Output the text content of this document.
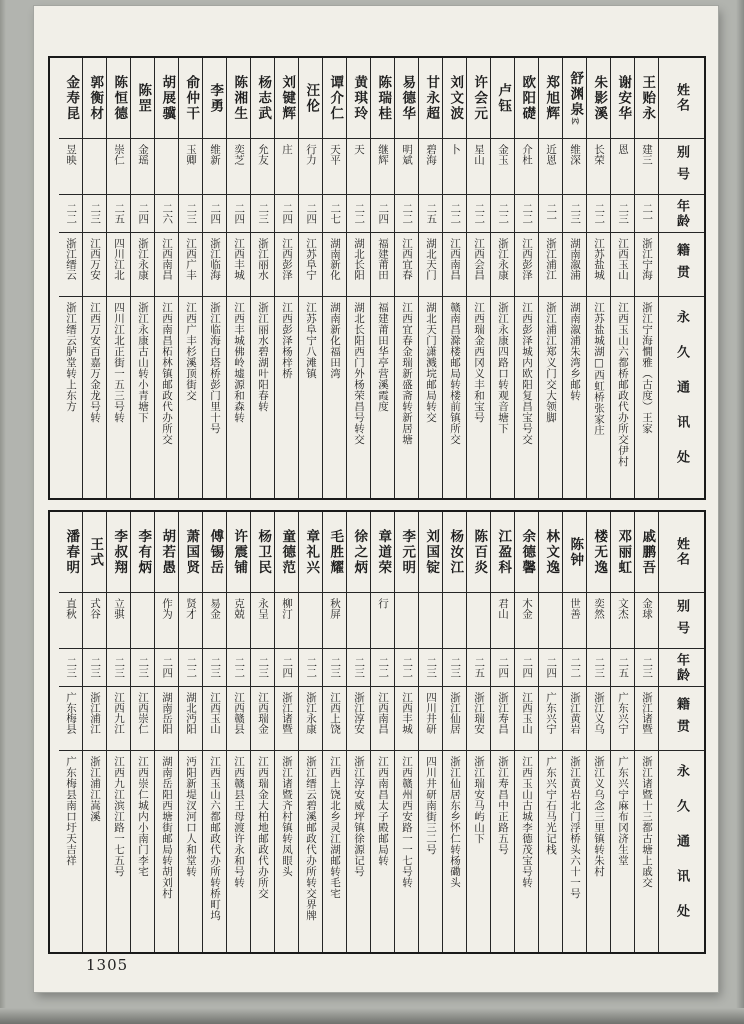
姓名
别号
年龄
籍贯
永久通讯处
王贻永
建三
二一
浙江宁海
浙江宁海憪雅（古度）王家
谢安华
恩
二三
江西玉山
江西玉山六都桥邮政代办所交伊村
朱影溪
长荣
二二
江苏盐城
江苏盐城湖□西虹桥张家庄
舒渊泉㈥
维深
二三
湖南溆浦
湖南溆浦朱湾乡邮转
郑旭辉
近恩
二一
浙江浦江
浙江浦江郑义门交大领脚
欧阳礎
介杜
二二
江西彭泽
江西彭泽城内欧阳复昌宝号交
卢钰
金玉
二二
浙江永康
浙江永康四路口转观音塘下
许会元
星山
二二
江西会昌
江西瑞金西冈义丰和宝号
刘文波
卜
二二
江西南昌
赣南昌滁楼邮局转楼前镇所交
甘永超
碧海
二五
湖北天门
湖北天门潇溅垸邮局转交
易德华
明斌
二二
江西宜春
江西宜春金瑞新盛斋转新居塘
陈瑞桂
继辉
二四
福建莆田
福建莆田华亭营溪霞度
黄琪玲
天
二二
湖北长阳
湖北长阳西门外杨荣昌号转交
谭介仁
天平
二七
湖南新化
湖南新化福田湾
汪伦
行力
二四
江苏阜宁
江苏阜宁八滩镇
刘键辉
庄
二四
江西彭泽
江西彭泽杨梓桥
杨志武
允友
二三
浙江丽水
浙江丽水碧湖叶阳春转
陈湘生
奕芝
二四
江西丰城
江西丰城佛岭墟源和森转
李勇
维新
二四
浙江临海
浙江临海白塔桥彭门里十号
俞仲干
玉卿
二三
江西广丰
江西广丰杉溪顶街交
胡展骥
二六
江西南昌
江西南昌柘林镇邮政代办所交
陈罡
金瑶
二四
浙江永康
浙江永康古山转小青塘下
陈恒德
崇仁
二五
四川江北
四川江北正街一五三号转
郭衡材
二三
江西万安
江西万安百嘉万金龙号转
金寿昆
昱映
二二
浙江缙云
浙江缙云胪堂转上东方
姓名
别号
年龄
籍贯
永久通讯处
戚鹏吾
金球
二三
浙江诸暨
浙江诸暨十三都古塘上戚交
邓丽虹
文杰
二五
广东兴宁
广东兴宁麻布冈济生堂
楼无逸
奕然
二三
浙江义乌
浙江义乌念三里镇转朱村
陈钟
世善
二二
浙江黄岩
浙江黄岩北门浮桥头六十一号
林文逸
二四
广东兴宁
广东兴宁石马光记栈
余德馨
木金
二四
江西玉山
江西玉山古城李德茂宝号转
江盈科
君山
二四
浙江寿昌
浙江寿昌中正路五号
陈百炎
二五
浙江瑞安
浙江瑞安马屿山下
杨汝江
二三
浙江仙居
浙江仙居东乡怀仁转杨磡头
刘国锭
二三
四川井研
四川井研南街三二号
李元明
二二
江西丰城
江西赣州西安路一一七号转
章道荣
行
二二
江西南昌
江西南昌太子殿邮局转
徐之炳
二三
浙江淳安
浙江淳安威坪镇徐源记号
毛胜耀
秋屏
二三
江西上饶
江西上饶北乡灵江湖邮转毛宅
章礼兴
二二
浙江永康
浙江缙云碧溪邮政代办所转交界牌
童德范
柳汀
二四
浙江诸暨
浙江诸暨齐村镇转凤眼头
杨卫民
永呈
二三
江西瑞金
江西瑞金大柏地邮政代办所交
许震铺
克兢
二二
江西赣县
江西赣县王母渡许永和号转
傅锡岳
易金
二三
江西玉山
江西玉山六都邮政代办所转桥町坞
萧国贤
贤才
二二
湖北沔阳
沔阳新堤汊河口人和堂转
胡若愚
作为
二四
湖南岳阳
湖南岳阳西塘街邮局转胡刘村
李有炳
二三
江西崇仁
江西崇仁城内小南门李宅
李叔翔
立骐
二三
江西九江
江西九江滨江路一七五号
王式
式谷
二三
浙江浦江
浙江浦江嵩溪
潘春明
直秋
二三
广东梅县
广东梅县南口圩天吉祥
1305
